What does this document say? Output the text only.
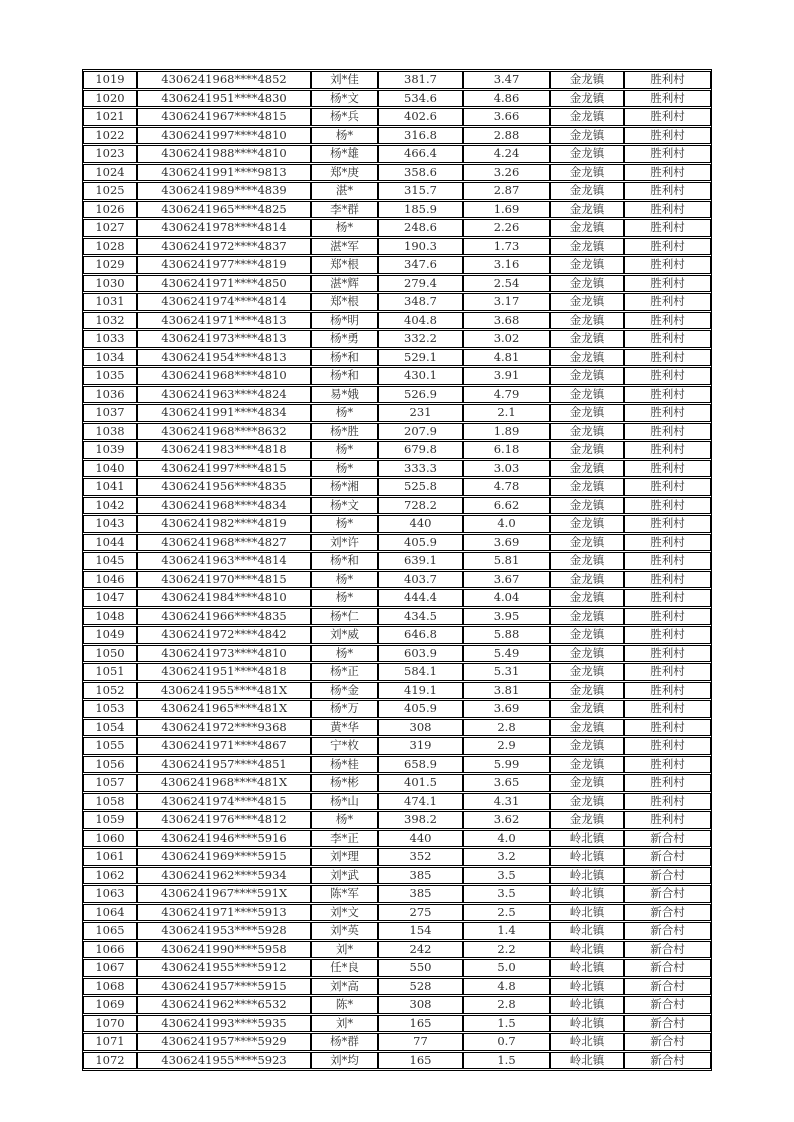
1019	4306241968****4852	刘*佳	381.7	3.47	金龙镇	胜利村
1020	4306241951****4830	杨*文	534.6	4.86	金龙镇	胜利村
1021	4306241967****4815	杨*兵	402.6	3.66	金龙镇	胜利村
1022	4306241997****4810	杨*	316.8	2.88	金龙镇	胜利村
1023	4306241988****4810	杨*雄	466.4	4.24	金龙镇	胜利村
1024	4306241991****9813	郑*庚	358.6	3.26	金龙镇	胜利村
1025	4306241989****4839	湛*	315.7	2.87	金龙镇	胜利村
1026	4306241965****4825	李*群	185.9	1.69	金龙镇	胜利村
1027	4306241978****4814	杨*	248.6	2.26	金龙镇	胜利村
1028	4306241972****4837	湛*军	190.3	1.73	金龙镇	胜利村
1029	4306241977****4819	郑*根	347.6	3.16	金龙镇	胜利村
1030	4306241971****4850	湛*辉	279.4	2.54	金龙镇	胜利村
1031	4306241974****4814	郑*根	348.7	3.17	金龙镇	胜利村
1032	4306241971****4813	杨*明	404.8	3.68	金龙镇	胜利村
1033	4306241973****4813	杨*勇	332.2	3.02	金龙镇	胜利村
1034	4306241954****4813	杨*和	529.1	4.81	金龙镇	胜利村
1035	4306241968****4810	杨*和	430.1	3.91	金龙镇	胜利村
1036	4306241963****4824	易*娥	526.9	4.79	金龙镇	胜利村
1037	4306241991****4834	杨*	231	2.1	金龙镇	胜利村
1038	4306241968****8632	杨*胜	207.9	1.89	金龙镇	胜利村
1039	4306241983****4818	杨*	679.8	6.18	金龙镇	胜利村
1040	4306241997****4815	杨*	333.3	3.03	金龙镇	胜利村
1041	4306241956****4835	杨*湘	525.8	4.78	金龙镇	胜利村
1042	4306241968****4834	杨*文	728.2	6.62	金龙镇	胜利村
1043	4306241982****4819	杨*	440	4.0	金龙镇	胜利村
1044	4306241968****4827	刘*许	405.9	3.69	金龙镇	胜利村
1045	4306241963****4814	杨*和	639.1	5.81	金龙镇	胜利村
1046	4306241970****4815	杨*	403.7	3.67	金龙镇	胜利村
1047	4306241984****4810	杨*	444.4	4.04	金龙镇	胜利村
1048	4306241966****4835	杨*仁	434.5	3.95	金龙镇	胜利村
1049	4306241972****4842	刘*威	646.8	5.88	金龙镇	胜利村
1050	4306241973****4810	杨*	603.9	5.49	金龙镇	胜利村
1051	4306241951****4818	杨*正	584.1	5.31	金龙镇	胜利村
1052	4306241955****481X	杨*金	419.1	3.81	金龙镇	胜利村
1053	4306241965****481X	杨*万	405.9	3.69	金龙镇	胜利村
1054	4306241972****9368	黄*华	308	2.8	金龙镇	胜利村
1055	4306241971****4867	宁*枚	319	2.9	金龙镇	胜利村
1056	4306241957****4851	杨*桂	658.9	5.99	金龙镇	胜利村
1057	4306241968****481X	杨*彬	401.5	3.65	金龙镇	胜利村
1058	4306241974****4815	杨*山	474.1	4.31	金龙镇	胜利村
1059	4306241976****4812	杨*	398.2	3.62	金龙镇	胜利村
1060	4306241946****5916	李*正	440	4.0	岭北镇	新合村
1061	4306241969****5915	刘*理	352	3.2	岭北镇	新合村
1062	4306241962****5934	刘*武	385	3.5	岭北镇	新合村
1063	4306241967****591X	陈*军	385	3.5	岭北镇	新合村
1064	4306241971****5913	刘*文	275	2.5	岭北镇	新合村
1065	4306241953****5928	刘*英	154	1.4	岭北镇	新合村
1066	4306241990****5958	刘*	242	2.2	岭北镇	新合村
1067	4306241955****5912	任*良	550	5.0	岭北镇	新合村
1068	4306241957****5915	刘*高	528	4.8	岭北镇	新合村
1069	4306241962****6532	陈*	308	2.8	岭北镇	新合村
1070	4306241993****5935	刘*	165	1.5	岭北镇	新合村
1071	4306241957****5929	杨*群	77	0.7	岭北镇	新合村
1072	4306241955****5923	刘*均	165	1.5	岭北镇	新合村
